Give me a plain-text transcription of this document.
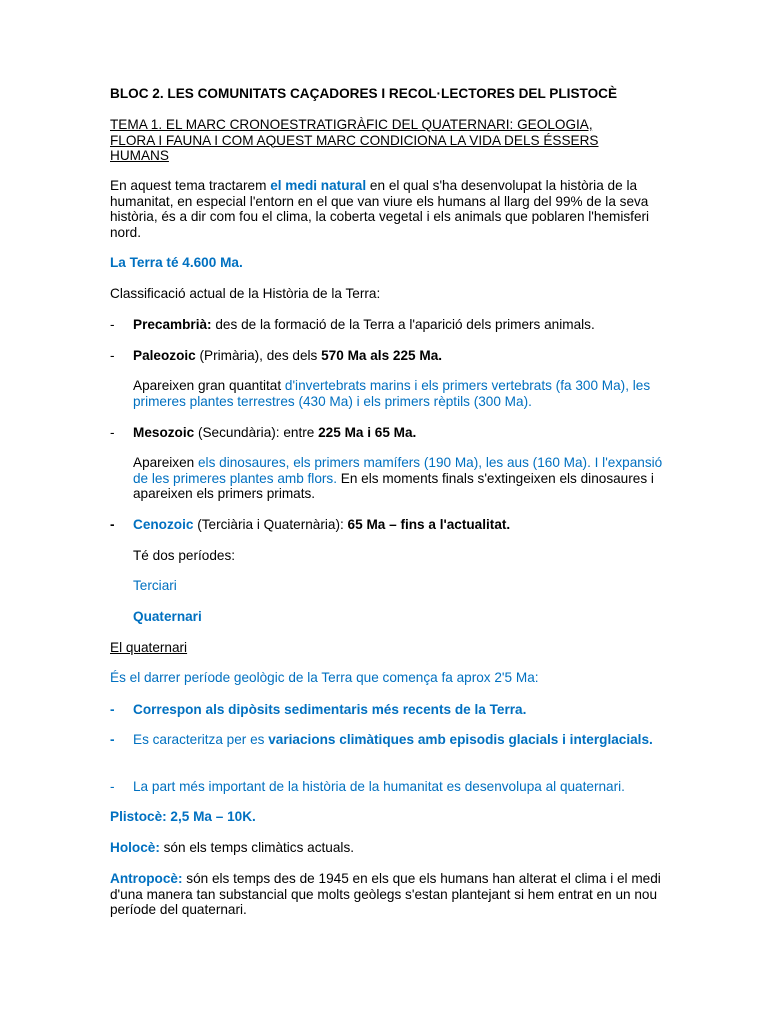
BLOC 2. LES COMUNITATS CAÇADORES I RECOL·LECTORES DEL PLISTOCÈ

TEMA 1. EL MARC CRONOESTRATIGRÀFIC DEL QUATERNARI: GEOLOGIA,
FLORA I FAUNA I COM AQUEST MARC CONDICIONA LA VIDA DELS ÉSSERS
HUMANS

En aquest tema tractarem el medi natural en el qual s'ha desenvolupat la història de la humanitat, en especial l'entorn en el que van viure els humans al llarg del 99% de la seva història, és a dir com fou el clima, la coberta vegetal i els animals que poblaren l'hemisferi nord.

La Terra té 4.600 Ma.

Classificació actual de la Història de la Terra:

- Precambrià: des de la formació de la Terra a l'aparició dels primers animals.

- Paleozoic (Primària), des dels 570 Ma als 225 Ma.

Apareixen gran quantitat d'invertebrats marins i els primers vertebrats (fa 300 Ma), les primeres plantes terrestres (430 Ma) i els primers rèptils (300 Ma).

- Mesozoic (Secundària): entre 225 Ma i 65 Ma.

Apareixen els dinosaures, els primers mamífers (190 Ma), les aus (160 Ma). I l'expansió de les primeres plantes amb flors. En els moments finals s'extingeixen els dinosaures i apareixen els primers primats.

- Cenozoic (Terciària i Quaternària): 65 Ma – fins a l'actualitat.

Té dos períodes:

Terciari

Quaternari

El quaternari

És el darrer període geològic de la Terra que comença fa aprox 2'5 Ma:

- Correspon als dipòsits sedimentaris més recents de la Terra.

- Es caracteritza per es variacions climàtiques amb episodis glacials i interglacials.

- La part més important de la història de la humanitat es desenvolupa al quaternari.

Plistocè: 2,5 Ma – 10K.

Holocè: són els temps climàtics actuals.

Antropocè: són els temps des de 1945 en els que els humans han alterat el clima i el medi d'una manera tan substancial que molts geòlegs s'estan plantejant si hem entrat en un nou període del quaternari.
